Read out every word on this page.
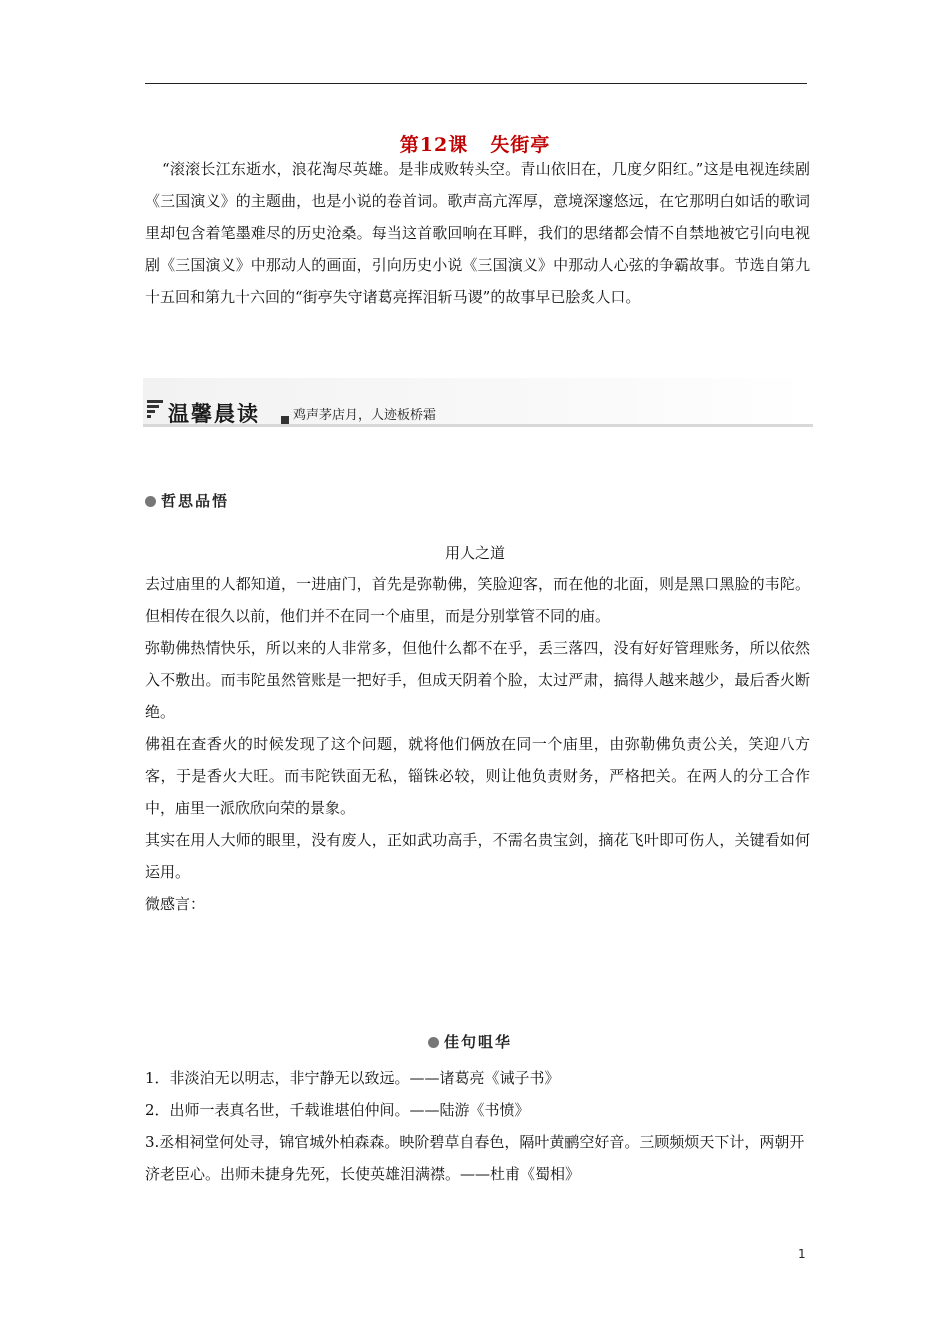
第12课 失街亭

“滚滚长江东逝水，浪花淘尽英雄。是非成败转头空。青山依旧在，几度夕阳红。”这是电视连续剧《三国演义》的主题曲，也是小说的卷首词。歌声高亢浑厚，意境深邃悠远，在它那明白如话的歌词里却包含着笔墨难尽的历史沧桑。每当这首歌回响在耳畔，我们的思绪都会情不自禁地被它引向电视剧《三国演义》中那动人的画面，引向历史小说《三国演义》中那动人心弦的争霸故事。节选自第九十五回和第九十六回的“街亭失守诸葛亮挥泪斩马谡”的故事早已脍炙人口。

温馨晨读	鸡声茅店月，人迹板桥霜
哲思品悟
用人之道

去过庙里的人都知道，一进庙门，首先是弥勒佛，笑脸迎客，而在他的北面，则是黑口黑脸的韦陀。但相传在很久以前，他们并不在同一个庙里，而是分别掌管不同的庙。

弥勒佛热情快乐，所以来的人非常多，但他什么都不在乎，丢三落四，没有好好管理账务，所以依然入不敷出。而韦陀虽然管账是一把好手，但成天阴着个脸，太过严肃，搞得人越来越少，最后香火断绝。

佛祖在查香火的时候发现了这个问题，就将他们俩放在同一个庙里，由弥勒佛负责公关，笑迎八方客，于是香火大旺。而韦陀铁面无私，锱铢必较，则让他负责财务，严格把关。在两人的分工合作中，庙里一派欣欣向荣的景象。

其实在用人大师的眼里，没有废人，正如武功高手，不需名贵宝剑，摘花飞叶即可伤人，关键看如何运用。

微感言：

佳句咀华

1．非淡泊无以明志，非宁静无以致远。——诸葛亮《诫子书》

2．出师一表真名世，千载谁堪伯仲间。——陆游《书愤》

3.丞相祠堂何处寻，锦官城外柏森森。映阶碧草自春色，隔叶黄鹂空好音。三顾频烦天下计，两朝开济老臣心。出师未捷身先死，长使英雄泪满襟。——杜甫《蜀相》

1
